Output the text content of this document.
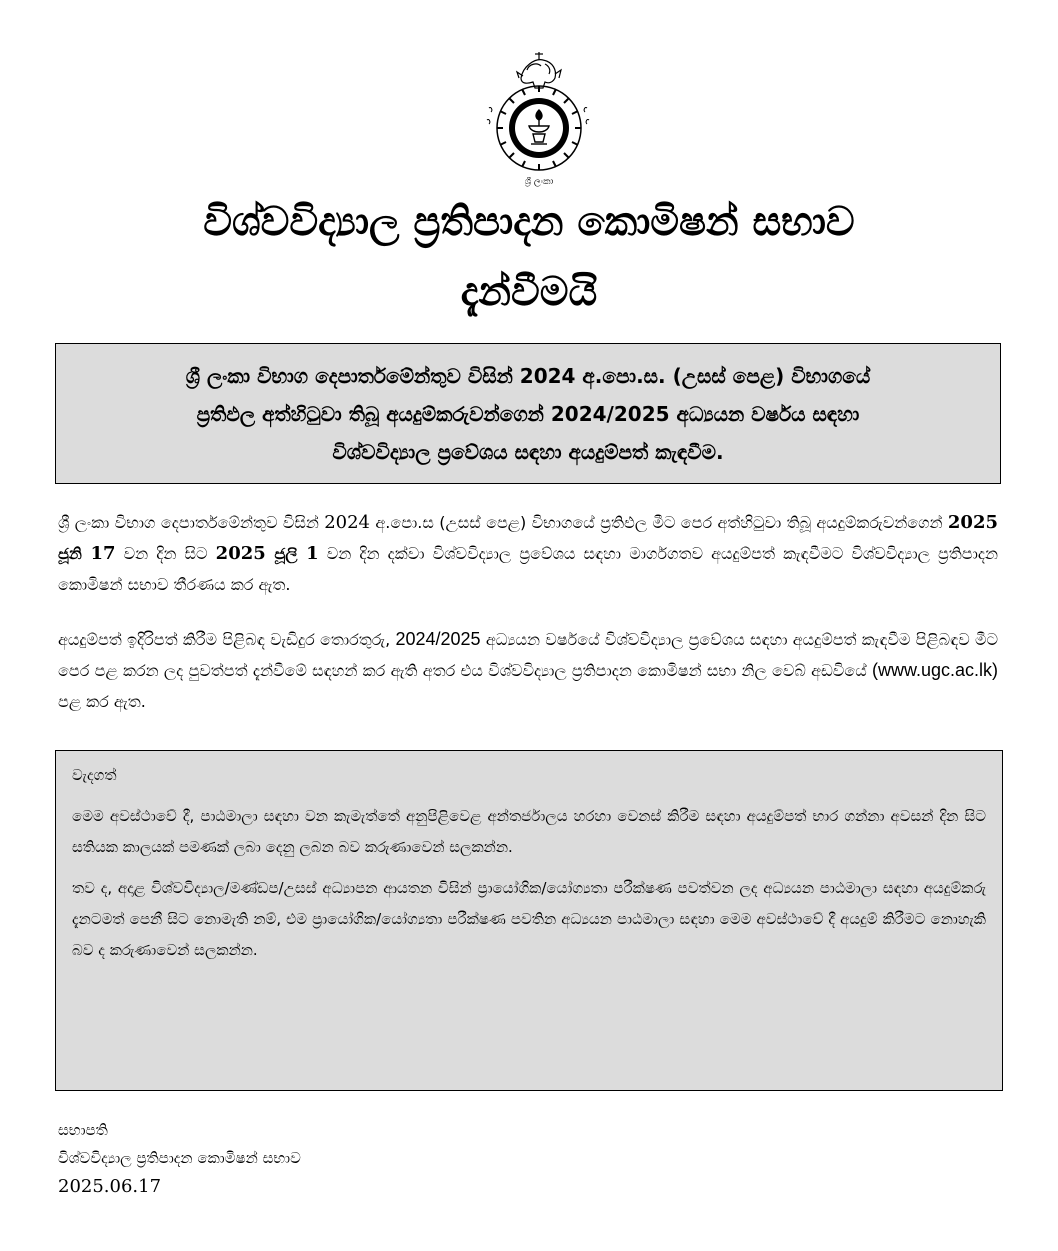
ශ්‍රී ලංකා
විශ්වවිද්‍යාල ප්‍රතිපාදන කොමිෂන් සභාව
දැන්වීමයි
ශ්‍රී ලංකා විභාග දෙපාර්තමේන්තුව විසින් 2024 අ.පො.ස. (උසස් පෙළ) විභාගයේ
ප්‍රතිඵල අත්හිටුවා තිබූ අයදුම්කරුවන්ගෙන් 2024/2025 අධ්‍යයන වර්ෂය සඳහා
විශ්වවිද්‍යාල ප්‍රවේශය සඳහා අයදුම්පත් කැඳවීම.
ශ්‍රී ලංකා විභාග දෙපාර්තමේන්තුව විසින් 2024 අ.පො.ස (උසස් පෙළ) විභාගයේ ප්‍රතිඵල මීට පෙර අත්හිටුවා තිබූ අයදුම්කරුවන්ගෙන් 2025 ජූනි 17 වන දින සිට 2025 ජූලි 1 වන දින දක්වා විශ්වවිද්‍යාල ප්‍රවේශය සඳහා මාර්ගගතව අයදුම්පත් කැඳවීමට විශ්වවිද්‍යාල ප්‍රතිපාදන කොමිෂන් සභාව තීරණය කර ඇත.
අයදුම්පත් ඉදිරිපත් කිරීම පිළිබඳ වැඩිදුර තොරතුරු, 2024/2025 අධ්‍යයන වර්ෂයේ විශ්වවිද්‍යාල ප්‍රවේශය සඳහා අයදුම්පත් කැඳවීම පිළිබඳව මීට පෙර පළ කරන ලද පුවත්පත් දැන්වීමේ සඳහන් කර ඇති අතර එය විශ්වවිද්‍යාල ප්‍රතිපාදන කොමිෂන් සභා නිල වෙබ් අඩවියේ (www.ugc.ac.lk) පළ කර ඇත.
වැදගත්

මෙම අවස්ථාවේ දී, පාඨමාලා සඳහා වන කැමැත්තේ අනුපිළිවෙළ අන්තර්ජාලය හරහා වෙනස් කිරීම සඳහා අයදුම්පත් භාර ගන්නා අවසන් දින සිට සතියක කාලයක් පමණක් ලබා දෙනු ලබන බව කරුණාවෙන් සලකන්න.

තව ද, අදාළ විශ්වවිද්‍යාල/මණ්ඩප/උසස් අධ්‍යාපන ආයතන විසින් ප්‍රායෝගික/යෝග්‍යතා පරීක්ෂණ පවත්වන ලද අධ්‍යයන පාඨමාලා සඳහා අයදුම්කරු දැනටමත් පෙනී සිට නොමැති නම්, එම ප්‍රායෝගික/යෝග්‍යතා පරීක්ෂණ පවතින අධ්‍යයන පාඨමාලා සඳහා මෙම අවස්ථාවේ දී අයදුම් කිරීමට නොහැකි බව ද කරුණාවෙන් සලකන්න.

සභාපති
විශ්වවිද්‍යාල ප්‍රතිපාදන කොමිෂන් සභාව
2025.06.17
